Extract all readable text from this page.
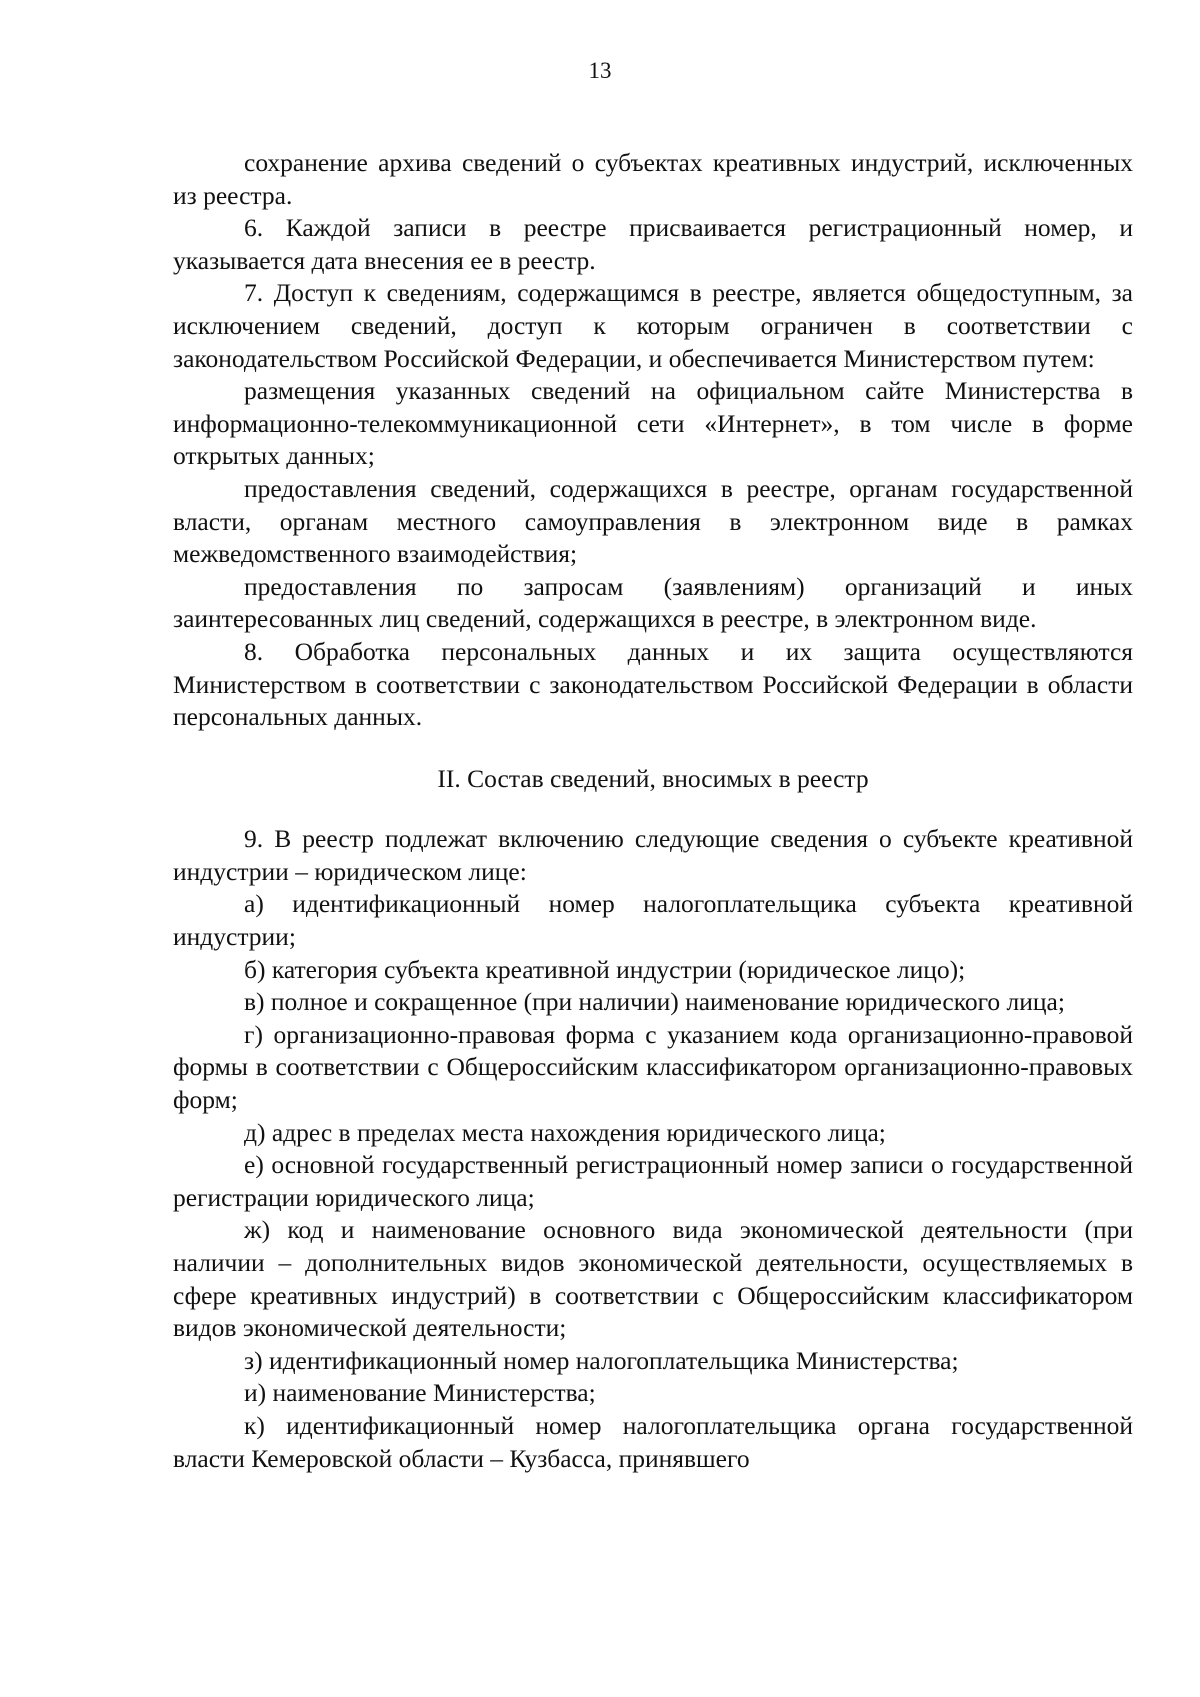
13

сохранение архива сведений о субъектах креативных индустрий, исключенных из реестра.

6. Каждой записи в реестре присваивается регистрационный номер, и указывается дата внесения ее в реестр.

7. Доступ к сведениям, содержащимся в реестре, является общедоступным, за исключением сведений, доступ к которым ограничен в соответствии с законодательством Российской Федерации, и обеспечивается Министерством путем:

размещения указанных сведений на официальном сайте Министерства в информационно-телекоммуникационной сети «Интернет», в том числе в форме открытых данных;

предоставления сведений, содержащихся в реестре, органам государственной власти, органам местного самоуправления в электронном виде в рамках межведомственного взаимодействия;

предоставления по запросам (заявлениям) организаций и иных заинтересованных лиц сведений, содержащихся в реестре, в электронном виде.

8. Обработка персональных данных и их защита осуществляются Министерством в соответствии с законодательством Российской Федерации в области персональных данных.

II. Состав сведений, вносимых в реестр

9. В реестр подлежат включению следующие сведения о субъекте креативной индустрии – юридическом лице:

а) идентификационный номер налогоплательщика субъекта креативной индустрии;

б) категория субъекта креативной индустрии (юридическое лицо);

в) полное и сокращенное (при наличии) наименование юридического лица;

г) организационно-правовая форма с указанием кода организационно-правовой формы в соответствии с Общероссийским классификатором организационно-правовых форм;

д) адрес в пределах места нахождения юридического лица;

е) основной государственный регистрационный номер записи о государственной регистрации юридического лица;

ж) код и наименование основного вида экономической деятельности (при наличии – дополнительных видов экономической деятельности, осуществляемых в сфере креативных индустрий) в соответствии с Общероссийским классификатором видов экономической деятельности;

з) идентификационный номер налогоплательщика Министерства;

и) наименование Министерства;

к) идентификационный номер налогоплательщика органа государственной власти Кемеровской области – Кузбасса, принявшего
